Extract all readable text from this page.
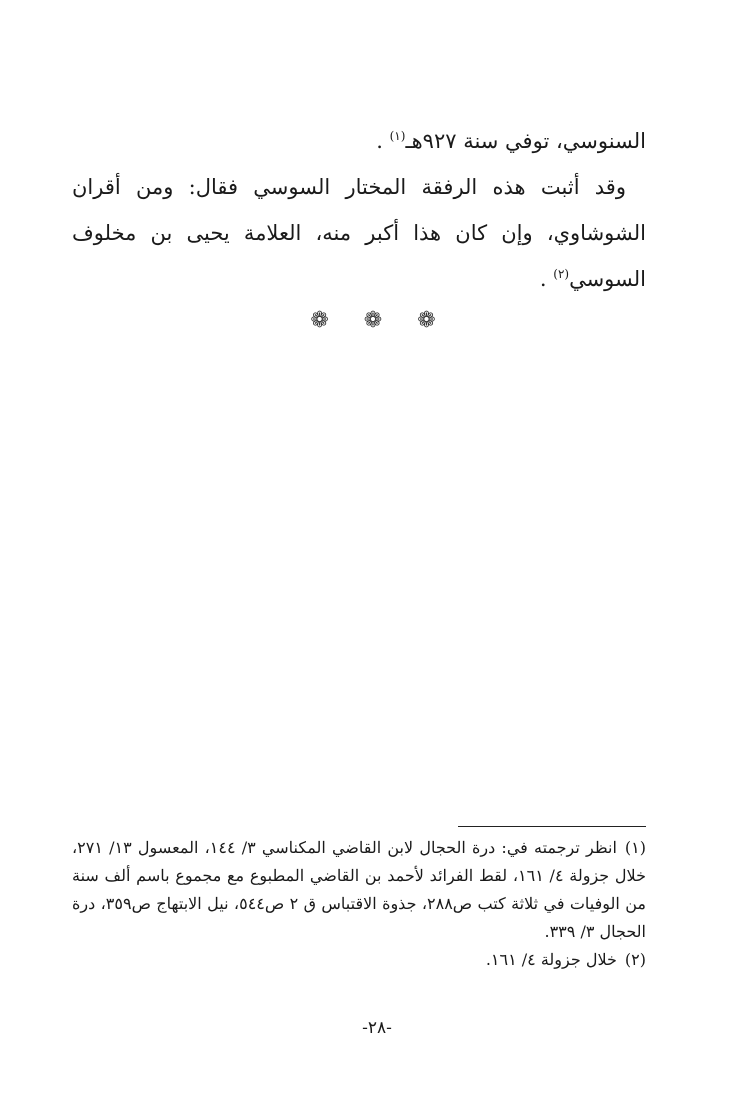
السنوسي، توفي سنة ٩٢٧هـ$^{(١)}$ .

وقد أثبت هذه الرفقة المختار السوسي فقال: ومن أقران الشوشاوي، وإن كان هذا أكبر منه، العلامة يحيى بن مخلوف السوسي$^{(٢)}$ .

❁ ❁ ❁

(١)انظر ترجمته في: درة الحجال لابن القاضي المكناسي ٣/ ١٤٤، المعسول ١٣/ ٢٧١، خلال جزولة ٤/ ١٦١، لقط الفرائد لأحمد بن القاضي المطبوع مع مجموع باسم ألف سنة من الوفيات في ثلاثة كتب ص٢٨٨، جذوة الاقتباس ق ٢ ص٥٤٤، نيل الابتهاج ص٣٥٩، درة الحجال ٣/ ٣٣٩.

(٢)خلال جزولة ٤/ ١٦١.

-٢٨-
